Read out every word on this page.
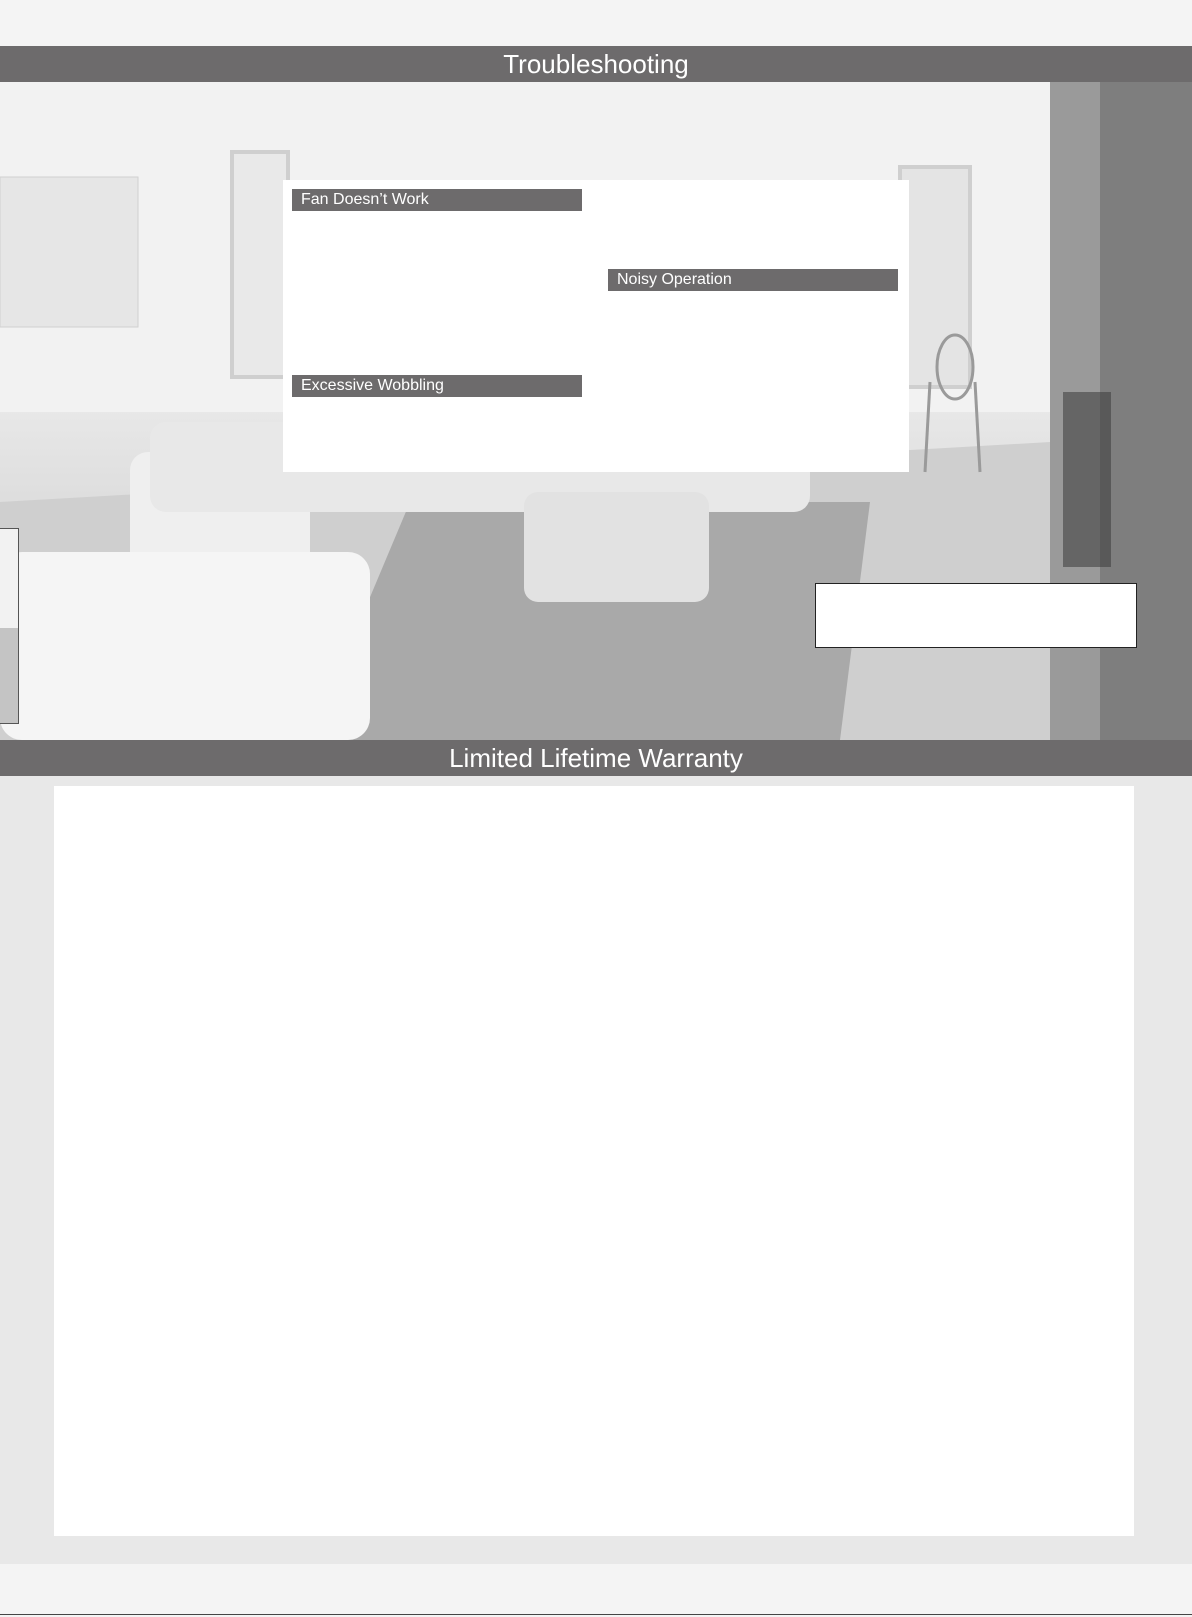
Troubleshooting
Fan Doesn’t Work
Noisy Operation
Excessive Wobbling
Limited Lifetime Warranty
